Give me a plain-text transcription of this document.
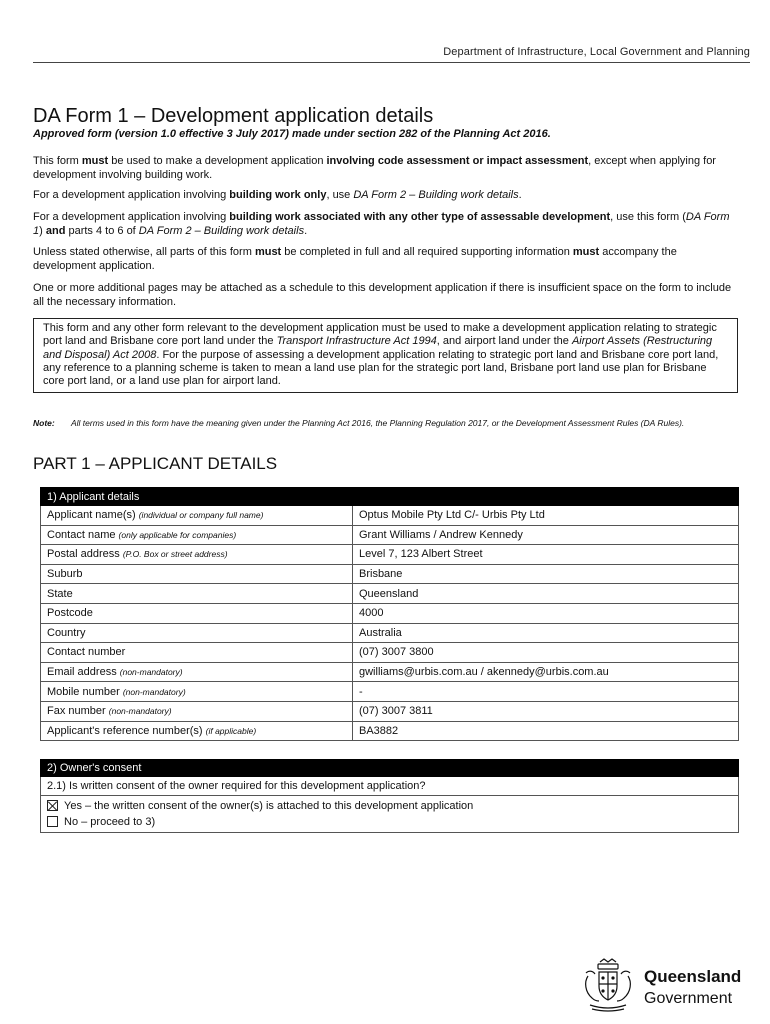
Department of Infrastructure, Local Government and Planning
DA Form 1 – Development application details
Approved form (version 1.0 effective 3 July 2017) made under section 282 of the Planning Act 2016.
This form must be used to make a development application involving code assessment or impact assessment, except when applying for development involving building work.
For a development application involving building work only, use DA Form 2 – Building work details.
For a development application involving building work associated with any other type of assessable development, use this form (DA Form 1) and parts 4 to 6 of DA Form 2 – Building work details.
Unless stated otherwise, all parts of this form must be completed in full and all required supporting information must accompany the development application.
One or more additional pages may be attached as a schedule to this development application if there is insufficient space on the form to include all the necessary information.
This form and any other form relevant to the development application must be used to make a development application relating to strategic port land and Brisbane core port land under the Transport Infrastructure Act 1994, and airport land under the Airport Assets (Restructuring and Disposal) Act 2008. For the purpose of assessing a development application relating to strategic port land and Brisbane core port land, any reference to a planning scheme is taken to mean a land use plan for the strategic port land, Brisbane port land use plan for Brisbane core port land, or a land use plan for airport land.
Note: All terms used in this form have the meaning given under the Planning Act 2016, the Planning Regulation 2017, or the Development Assessment Rules (DA Rules).
PART 1 – APPLICANT DETAILS
1) Applicant details	
Applicant name(s) (individual or company full name)	Optus Mobile Pty Ltd C/- Urbis Pty Ltd
Contact name (only applicable for companies)	Grant Williams / Andrew Kennedy
Postal address (P.O. Box or street address)	Level 7, 123 Albert Street
Suburb	Brisbane
State	Queensland
Postcode	4000
Country	Australia
Contact number	(07) 3007 3800
Email address (non-mandatory)	gwilliams@urbis.com.au / akennedy@urbis.com.au
Mobile number (non-mandatory)	-
Fax number (non-mandatory)	(07) 3007 3811
Applicant's reference number(s) (if applicable)	BA3882
2) Owner's consent
2.1) Is written consent of the owner required for this development application?

Yes – the written consent of the owner(s) is attached to this development application
No – proceed to 3)
Queensland
Government
